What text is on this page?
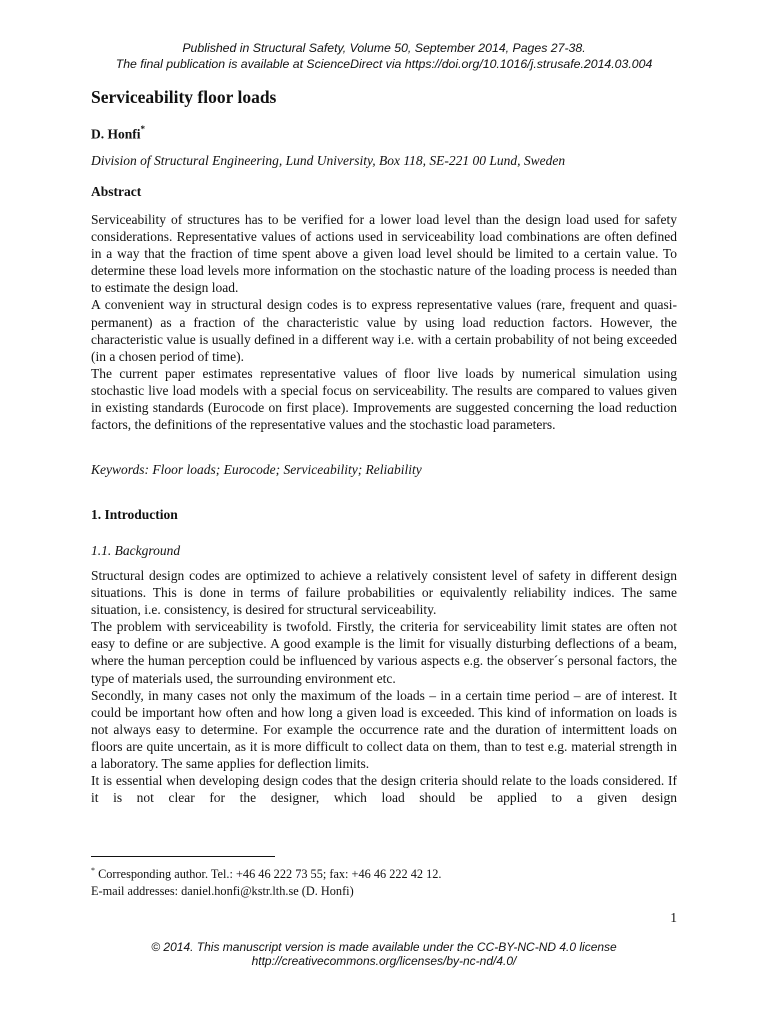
Published in Structural Safety, Volume 50, September 2014, Pages 27-38.
The final publication is available at ScienceDirect via https://doi.org/10.1016/j.strusafe.2014.03.004
Serviceability floor loads
D. Honfi*
Division of Structural Engineering, Lund University, Box 118, SE-221 00 Lund, Sweden
Abstract

Serviceability of structures has to be verified for a lower load level than the design load used for safety considerations. Representative values of actions used in serviceability load combinations are often defined in a way that the fraction of time spent above a given load level should be limited to a certain value. To determine these load levels more information on the stochastic nature of the loading process is needed than to estimate the design load.

A convenient way in structural design codes is to express representative values (rare, frequent and quasi-permanent) as a fraction of the characteristic value by using load reduction factors. However, the characteristic value is usually defined in a different way i.e. with a certain probability of not being exceeded (in a chosen period of time).

The current paper estimates representative values of floor live loads by numerical simulation using stochastic live load models with a special focus on serviceability. The results are compared to values given in existing standards (Eurocode on first place). Improvements are suggested concerning the load reduction factors, the definitions of the representative values and the stochastic load parameters.

Keywords: Floor loads; Eurocode; Serviceability; Reliability
1. Introduction
1.1. Background

Structural design codes are optimized to achieve a relatively consistent level of safety in different design situations. This is done in terms of failure probabilities or equivalently reliability indices. The same situation, i.e. consistency, is desired for structural serviceability.

The problem with serviceability is twofold. Firstly, the criteria for serviceability limit states are often not easy to define or are subjective. A good example is the limit for visually disturbing deflections of a beam, where the human perception could be influenced by various aspects e.g. the observer´s personal factors, the type of materials used, the surrounding environment etc.

Secondly, in many cases not only the maximum of the loads – in a certain time period – are of interest. It could be important how often and how long a given load is exceeded. This kind of information on loads is not always easy to determine. For example the occurrence rate and the duration of intermittent loads on floors are quite uncertain, as it is more difficult to collect data on them, than to test e.g. material strength in a laboratory. The same applies for deflection limits.

It is essential when developing design codes that the design criteria should relate to the loads considered. If it is not clear for the designer, which load should be applied to a given design

* Corresponding author. Tel.: +46 46 222 73 55; fax: +46 46 222 42 12.
E-mail addresses: daniel.honfi@kstr.lth.se (D. Honfi)
1
© 2014. This manuscript version is made available under the CC-BY-NC-ND 4.0 license
http://creativecommons.org/licenses/by-nc-nd/4.0/
